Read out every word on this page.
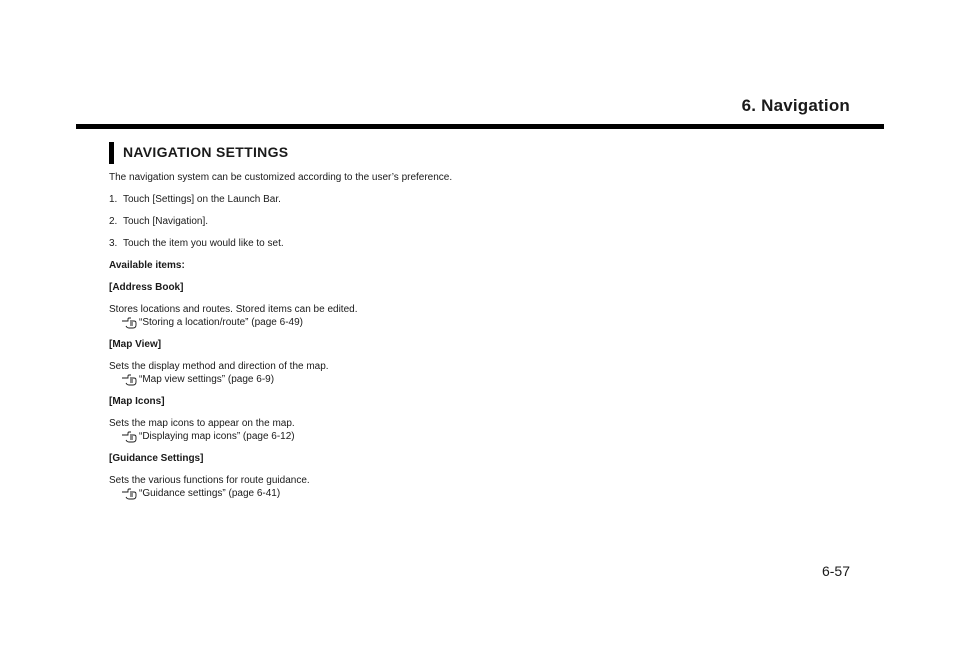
6. Navigation
NAVIGATION SETTINGS
The navigation system can be customized according to the user’s preference.
1. Touch [Settings] on the Launch Bar.
2. Touch [Navigation].
3. Touch the item you would like to set.
Available items:
[Address Book]
Stores locations and routes. Stored items can be edited.
“Storing a location/route” (page 6-49)
[Map View]
Sets the display method and direction of the map.
“Map view settings” (page 6-9)
[Map Icons]
Sets the map icons to appear on the map.
“Displaying map icons” (page 6-12)
[Guidance Settings]
Sets the various functions for route guidance.
“Guidance settings” (page 6-41)
6-57
